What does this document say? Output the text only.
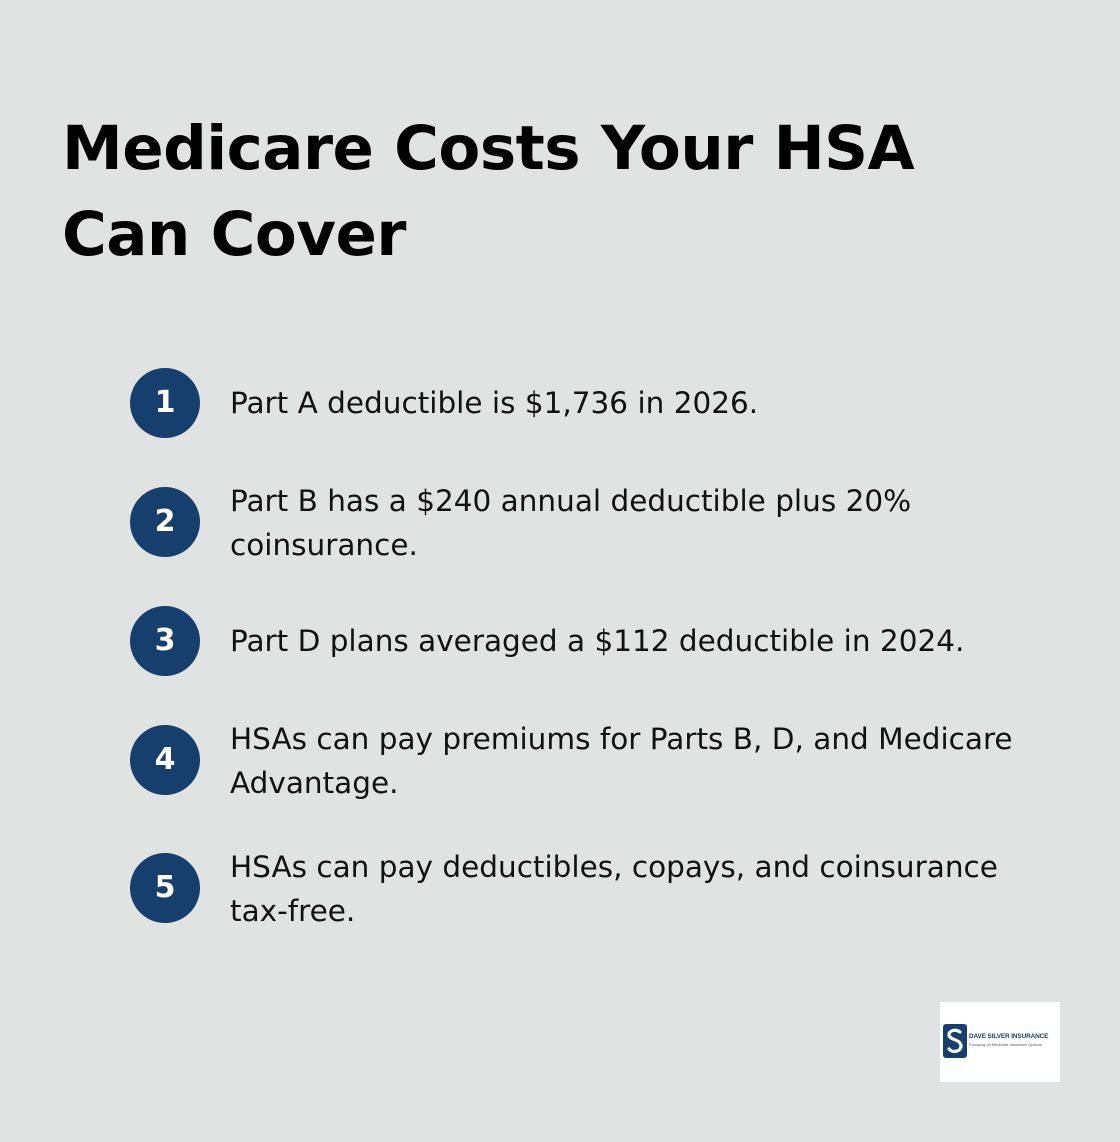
Medicare Costs Your HSA Can Cover
1	Part A deductible is $1,736 in 2026.
2
Part B has a $240 annual deductible plus 20% coinsurance.
3	Part D plans averaged a $112 deductible in 2024.
4
HSAs can pay premiums for Parts B, D, and Medicare Advantage.
5
HSAs can pay deductibles, copays, and coinsurance tax-free.
DAVE SILVER INSURANCE
Focusing on Medicare Insurance Options
